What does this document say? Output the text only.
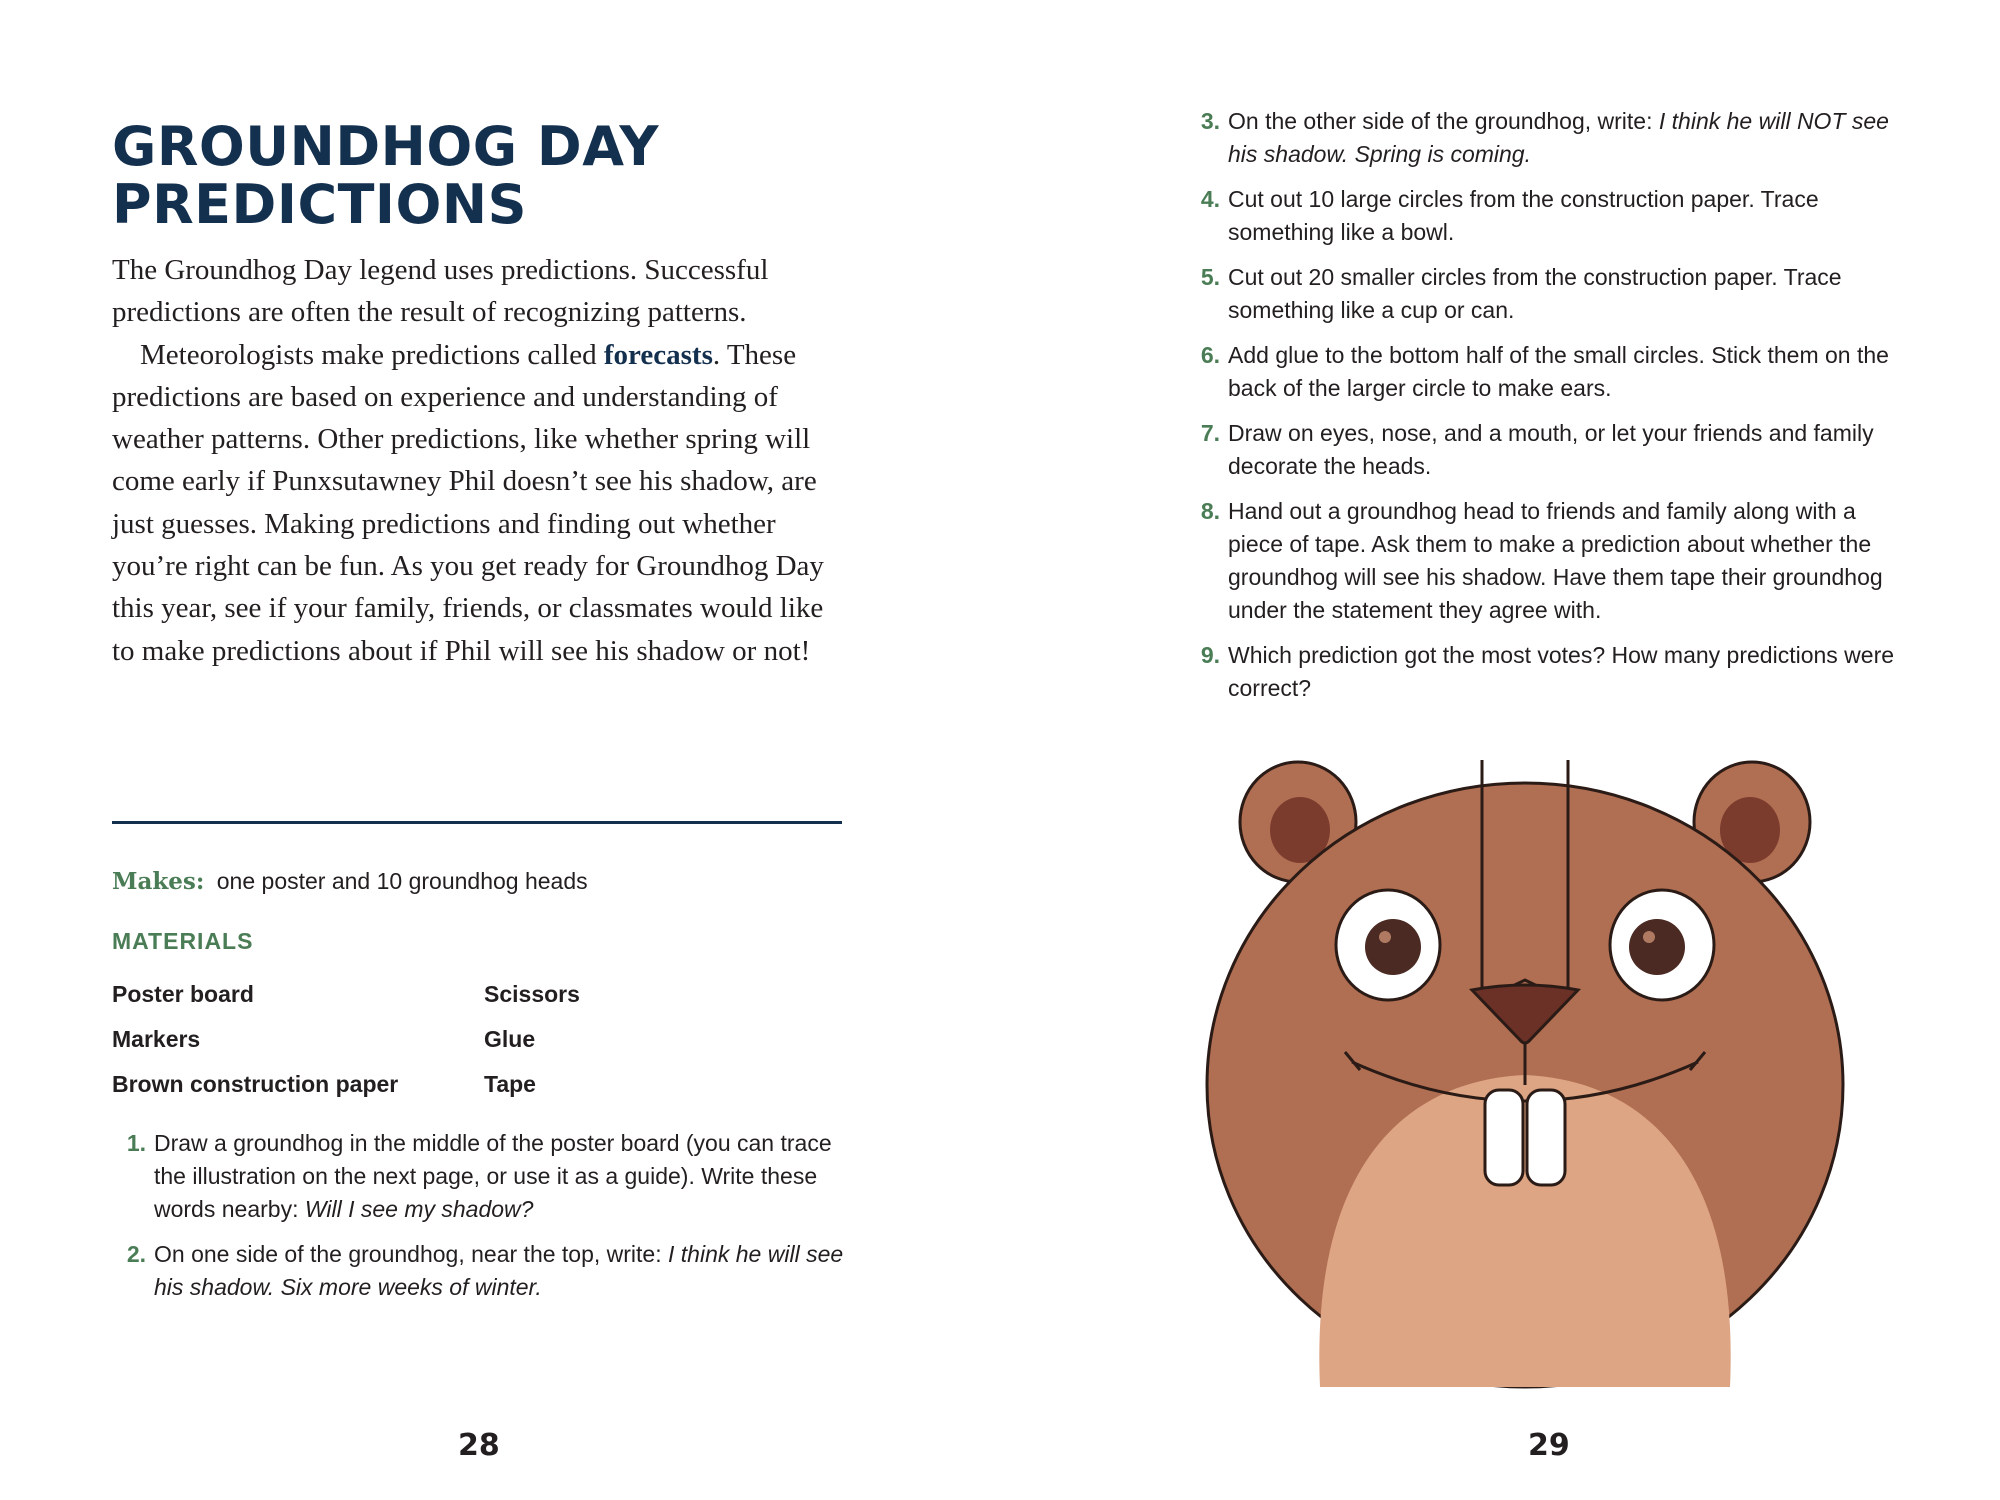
GROUNDHOG DAY
PREDICTIONS

The Groundhog Day legend uses predictions. Successful predictions are often the result of recognizing patterns.

Meteorologists make predictions called forecasts. These predictions are based on experience and understanding of weather patterns. Other predictions, like whether spring will come early if Punxsutawney Phil doesn’t see his shadow, are just guesses. Making predictions and finding out whether you’re right can be fun. As you get ready for Groundhog Day this year, see if your family, friends, or classmates would like to make predictions about if Phil will see his shadow or not!

Makes: one poster and 10 groundhog heads
MATERIALS
Poster board
Markers
Brown construction paper
Scissors
Glue
Tape
1. Draw a groundhog in the middle of the poster board (you can trace the illustration on the next page, or use it as a guide). Write these words nearby: Will I see my shadow?
2. On one side of the groundhog, near the top, write: I think he will see his shadow. Six more weeks of winter.
28
3. On the other side of the groundhog, write: I think he will NOT see his shadow. Spring is coming.
4. Cut out 10 large circles from the construction paper. Trace something like a bowl.
5. Cut out 20 smaller circles from the construction paper. Trace something like a cup or can.
6. Add glue to the bottom half of the small circles. Stick them on the back of the larger circle to make ears.
7. Draw on eyes, nose, and a mouth, or let your friends and family decorate the heads.
8. Hand out a groundhog head to friends and family along with a piece of tape. Ask them to make a prediction about whether the groundhog will see his shadow. Have them tape their groundhog under the statement they agree with.
9. Which prediction got the most votes? How many predictions were correct?
29
